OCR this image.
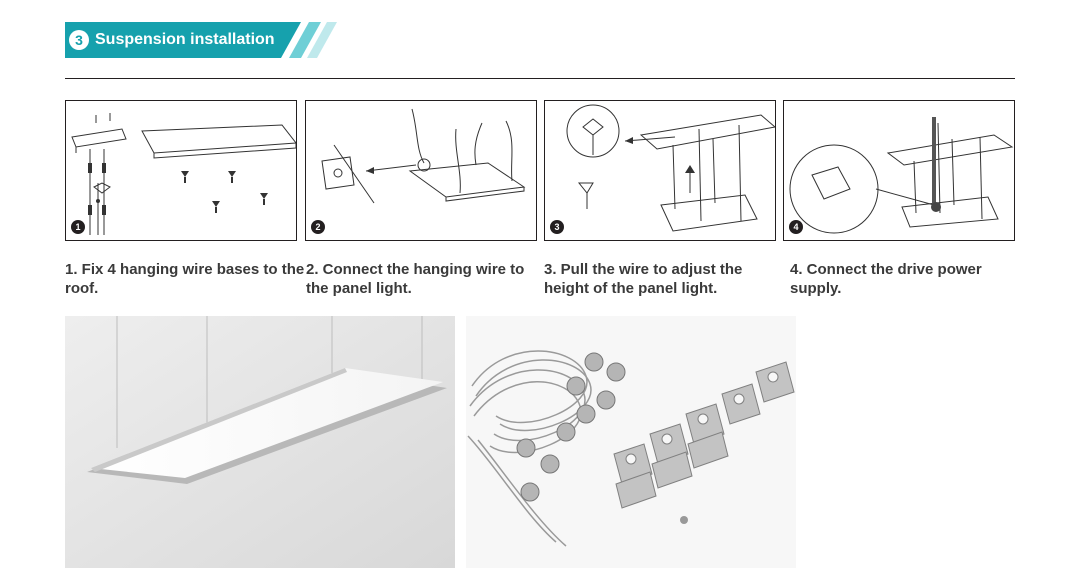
3 Suspension installation
1	2	3	4
1. Fix 4 hanging wire bases to the roof.
2. Connect the hanging wire to the panel light.
3. Pull the wire to adjust the height of the panel light.
4. Connect the drive power supply.
